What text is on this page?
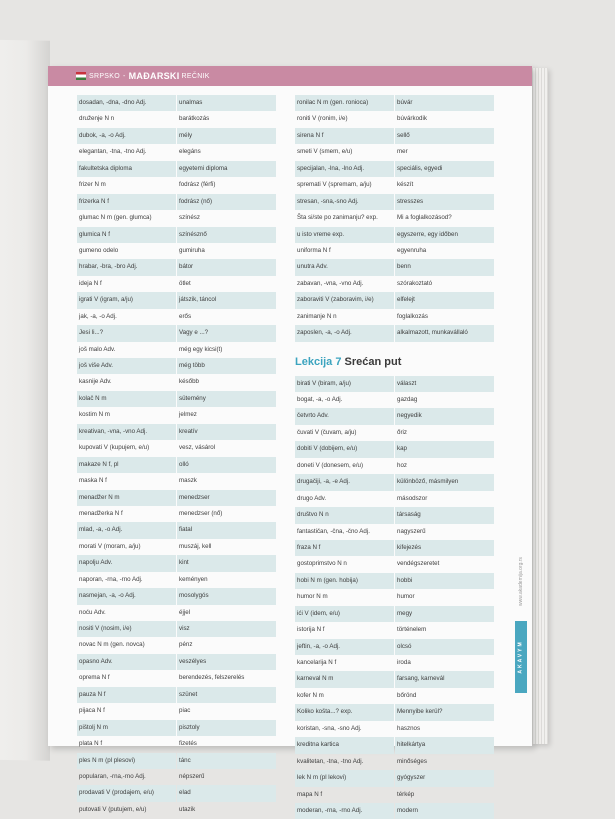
SRPSKO - MAĐARSKI REČNIK
dosadan, -dna, -dno Adj.	unalmas
druženje N n	barátkozás
dubok, -a, -o Adj.	mély
elegantan, -tna, -tno Adj.	elegáns
fakultetska diploma	egyetemi diploma
frizer N m	fodrász (férfi)
frizerka N f	fodrász (nő)
glumac N m (gen. glumca)	színész
glumica N f	színésznő
gumeno odelo	gumiruha
hrabar, -bra, -bro Adj.	bátor
ideja N f	ötlet
igrati V (igram, a/ju)	játszik, táncol
jak, -a, -o Adj.	erős
Jesi li...?	Vagy e ...?
još malo Adv.	még egy kicsi(t)
još više Adv.	még több
kasnije Adv.	később
kolač N m	sütemény
kostim N m	jelmez
kreativan, -vna, -vno Adj.	kreatív
kupovati V (kupujem, e/u)	vesz, vásárol
makaze N f, pl	olló
maska N f	maszk
menadžer N m	menedzser
menadžerka N f	menedzser (nő)
mlad, -a, -o Adj.	fiatal
morati V (moram, a/ju)	muszáj, kell
napolju Adv.	kint
naporan, -rna, -rno Adj.	keményen
nasmejan, -a, -o Adj.	mosolygós
noću Adv.	éjjel
nositi V (nosim, i/e)	visz
novac N m (gen. novca)	pénz
opasno Adv.	veszélyes
oprema N f	berendezés, felszerelés
pauza N f	szünet
pijaca N f	piac
pištolj N m	pisztoly
plata N f	fizetés
ples N m (pl plesovi)	tánc
popularan, -rna,-rno Adj.	népszerű
prodavati V (prodajem, e/u)	elad
putovati V (putujem, e/u)	utazik
ronilac N m (gen. ronioca)	búvár
roniti V (ronim, i/e)	búvárkodik
sirena N f	sellő
smeti V (smem, e/u)	mer
specijalan, -lna, -lno Adj.	speciális, egyedi
spremati V (spremam, a/ju)	készít
stresan, -sna,-sno Adj.	stresszes
Šta si/ste po zanimanju? exp.	Mi a foglalkozásod?
u isto vreme exp.	egyszerre, egy időben
uniforma N f	egyenruha
unutra Adv.	benn
zabavan, -vna, -vno Adj.	szórakoztató
zaboraviti V (zaboravim, i/e)	elfelejt
zanimanje N n	foglalkozás
zaposlen, -a, -o Adj.	alkalmazott, munkavállaló
Lekcija 7 Srećan put
birati V (biram, a/ju)	választ
bogat, -a, -o Adj.	gazdag
četvrto Adv.	negyedik
čuvati V (čuvam, a/ju)	őriz
dobiti V (dobijem, e/u)	kap
doneti V (donesem, e/u)	hoz
drugačiji, -a, -e Adj.	különböző, másmilyen
drugo Adv.	másodszor
društvo N n	társaság
fantastičan, -čna, -čno Adj.	nagyszerű
fraza N f	kifejezés
gostoprimstvo N n	vendégszeretet
hobi N m (gen. hobija)	hobbi
humor N m	humor
ići V (idem, e/u)	megy
istorija N f	történelem
jeftin, -a, -o Adj.	olcsó
kancelarija N f	iroda
karneval N m	farsang, karnevál
kofer N m	bőrönd
Koliko košta...? exp.	Mennyibe kerül?
koristan, -sna, -sno Adj.	hasznos
kreditna kartica	hitelkártya
kvalitetan, -tna, -tno Adj.	minőséges
lek N m (pl lekovi)	gyógyszer
mapa N f	térkép
moderan, -rna, -rno Adj.	modern
www.akademija.org.rs
AKAVYM
